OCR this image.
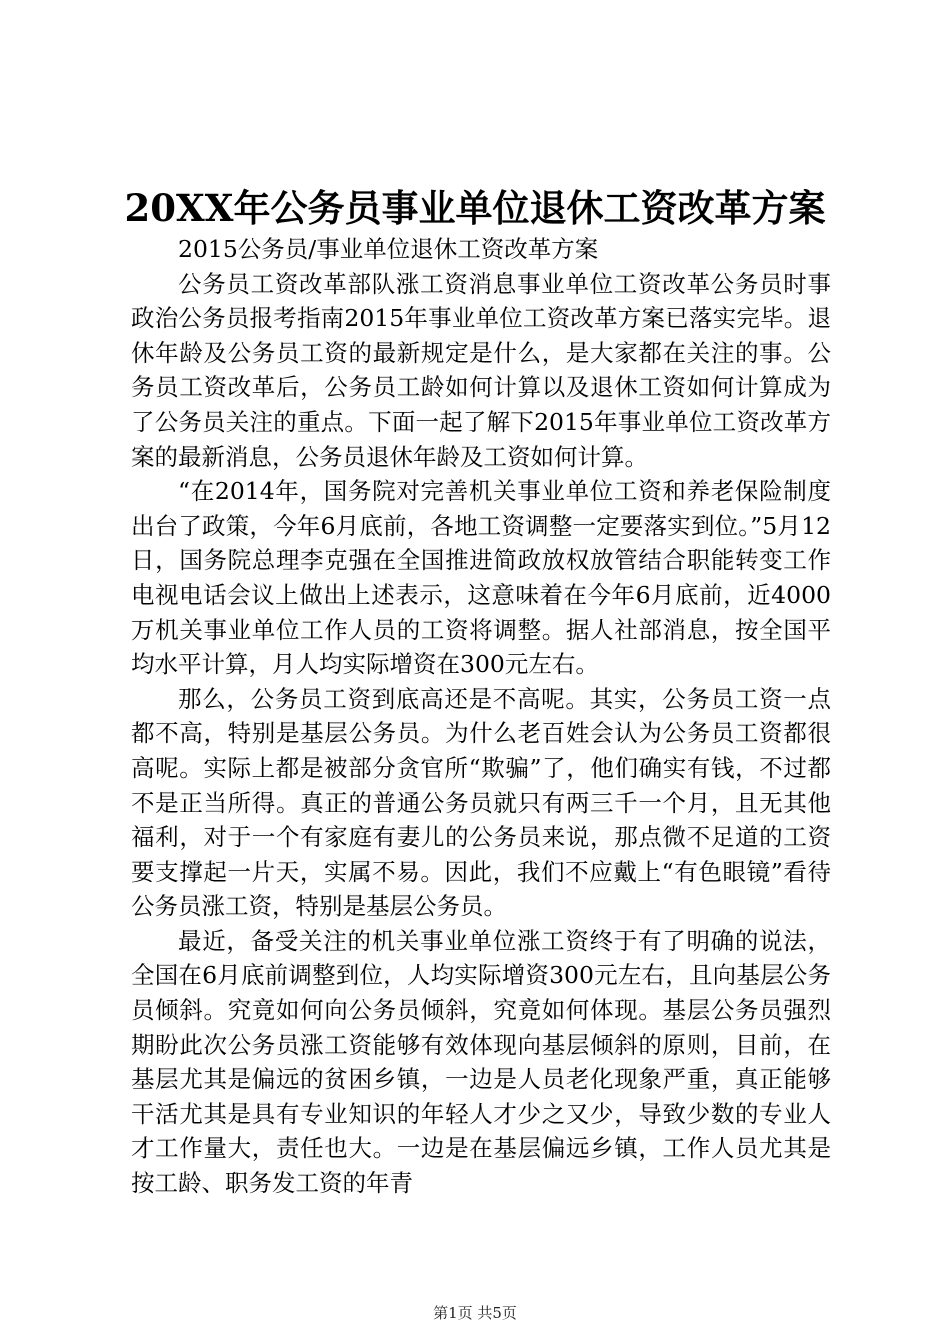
20XX年公务员事业单位退休工资改革方案

2015公务员/事业单位退休工资改革方案

公务员工资改革部队涨工资消息事业单位工资改革公务员时事政治公务员报考指南2015年事业单位工资改革方案已落实完毕。退休年龄及公务员工资的最新规定是什么，是大家都在关注的事。公务员工资改革后，公务员工龄如何计算以及退休工资如何计算成为了公务员关注的重点。下面一起了解下2015年事业单位工资改革方案的最新消息，公务员退休年龄及工资如何计算。

“在2014年，国务院对完善机关事业单位工资和养老保险制度出台了政策，今年6月底前，各地工资调整一定要落实到位。”5月12日，国务院总理李克强在全国推进简政放权放管结合职能转变工作电视电话会议上做出上述表示，这意味着在今年6月底前，近4000万机关事业单位工作人员的工资将调整。据人社部消息，按全国平均水平计算，月人均实际增资在300元左右。

那么，公务员工资到底高还是不高呢。其实，公务员工资一点都不高，特别是基层公务员。为什么老百姓会认为公务员工资都很高呢。实际上都是被部分贪官所“欺骗”了，他们确实有钱，不过都不是正当所得。真正的普通公务员就只有两三千一个月，且无其他福利，对于一个有家庭有妻儿的公务员来说，那点微不足道的工资要支撑起一片天，实属不易。因此，我们不应戴上“有色眼镜”看待公务员涨工资，特别是基层公务员。

最近，备受关注的机关事业单位涨工资终于有了明确的说法，全国在6月底前调整到位，人均实际增资300元左右，且向基层公务员倾斜。究竟如何向公务员倾斜，究竟如何体现。基层公务员强烈期盼此次公务员涨工资能够有效体现向基层倾斜的原则，目前，在基层尤其是偏远的贫困乡镇，一边是人员老化现象严重，真正能够干活尤其是具有专业知识的年轻人才少之又少，导致少数的专业人才工作量大，责任也大。一边是在基层偏远乡镇，工作人员尤其是按工龄、职务发工资的年青

第1页 共5页
